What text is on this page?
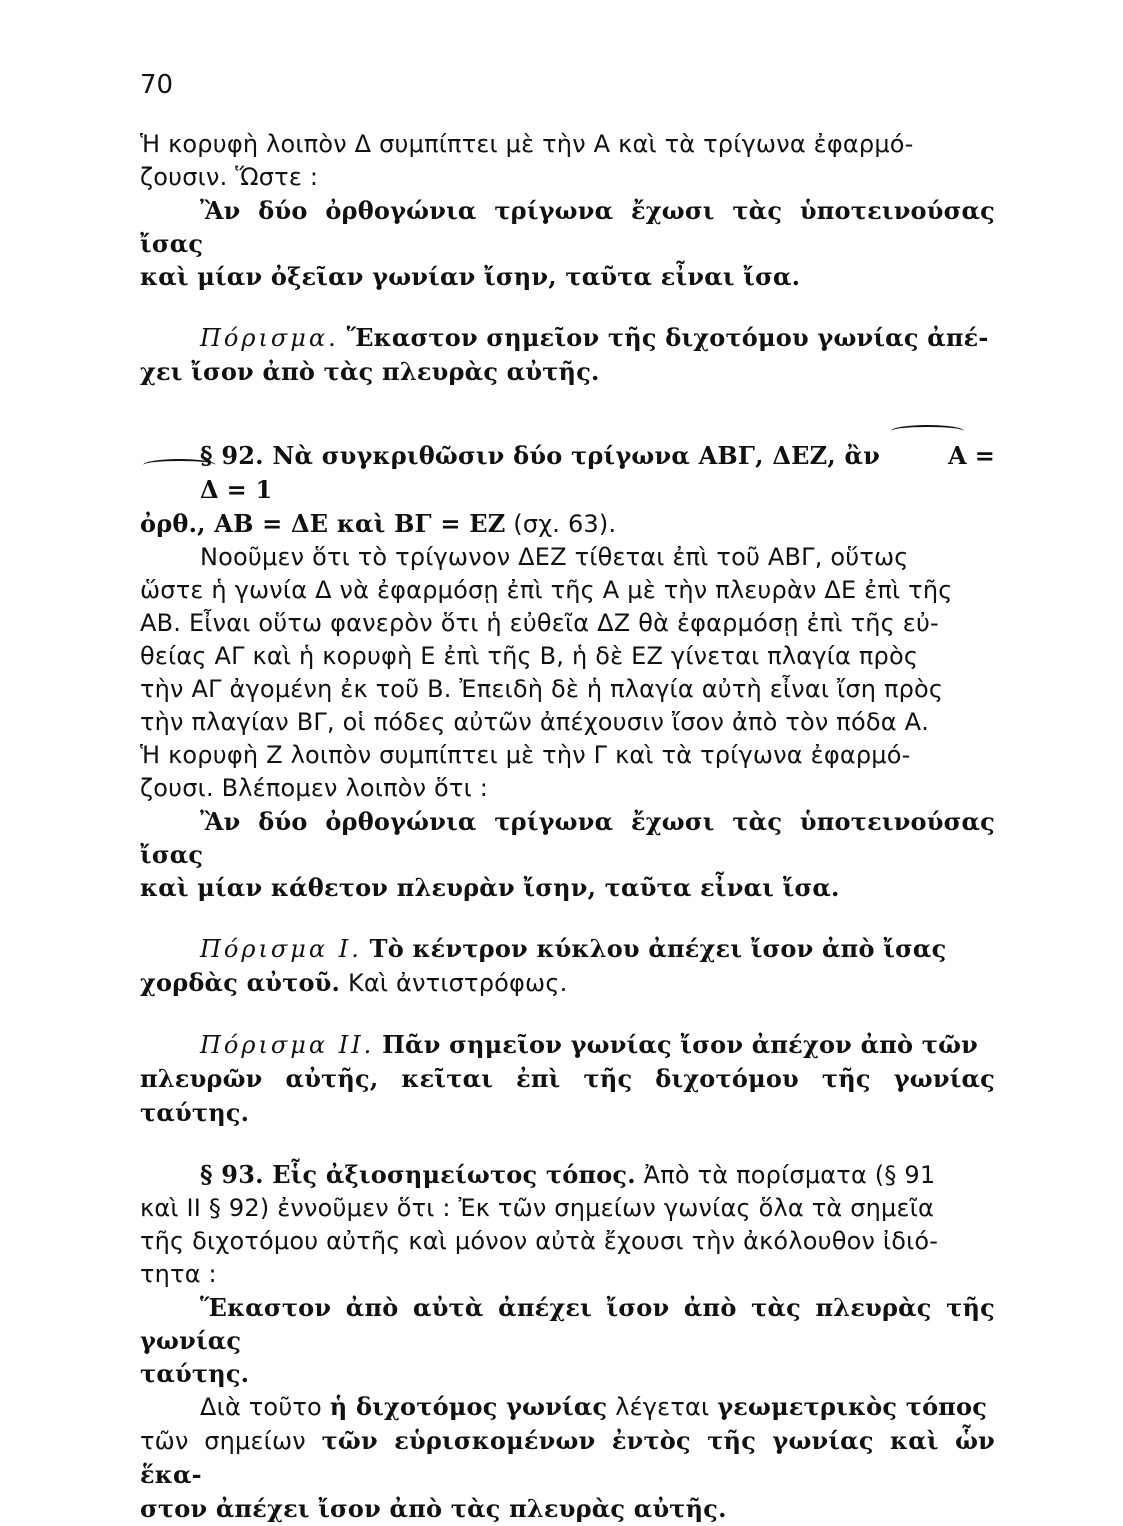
70

Ἡ κορυφὴ λοιπὸν Δ συμπίπτει μὲ τὴν Α καὶ τὰ τρίγωνα ἐφαρμό-
ζουσιν. Ὥστε :

Ἂν δύο ὀρθογώνια τρίγωνα ἔχωσι τὰς ὑποτεινούσας ἴσας
καὶ μίαν ὀξεῖαν γωνίαν ἴσην, ταῦτα εἶναι ἴσα.

Πόρισμα. Ἕκαστον σημεῖον τῆς διχοτόμου γωνίας ἀπέ-
χει ἴσον ἀπὸ τὰς πλευρὰς αὐτῆς.

§ 92. Νὰ συγκριθῶσιν δύο τρίγωνα ΑΒΓ, ΔΕΖ, ἂν	Α = Δ = 1
ὀρθ., ΑΒ = ΔΕ καὶ ΒΓ = ΕΖ (σχ. 63).

Νοοῦμεν ὅτι τὸ τρίγωνον ΔΕΖ τίθεται ἐπὶ τοῦ ΑΒΓ, οὕτως
ὥστε ἡ γωνία Δ νὰ ἐφαρμόσῃ ἐπὶ τῆς Α μὲ τὴν πλευρὰν ΔΕ ἐπὶ τῆς
ΑΒ. Εἶναι οὕτω φανερὸν ὅτι ἡ εὐθεῖα ΔΖ θὰ ἐφαρμόσῃ ἐπὶ τῆς εὐ-
θείας ΑΓ καὶ ἡ κορυφὴ Ε ἐπὶ τῆς Β, ἡ δὲ ΕΖ γίνεται πλαγία πρὸς
τὴν ΑΓ ἀγομένη ἐκ τοῦ Β. Ἐπειδὴ δὲ ἡ πλαγία αὐτὴ εἶναι ἴση πρὸς
τὴν πλαγίαν ΒΓ, οἱ πόδες αὐτῶν ἀπέχουσιν ἴσον ἀπὸ τὸν πόδα Α.
Ἡ κορυφὴ Ζ λοιπὸν συμπίπτει μὲ τὴν Γ καὶ τὰ τρίγωνα ἐφαρμό-
ζουσι. Βλέπομεν λοιπὸν ὅτι :

Ἂν δύο ὀρθογώνια τρίγωνα ἔχωσι τὰς ὑποτεινούσας ἴσας
καὶ μίαν κάθετον πλευρὰν ἴσην, ταῦτα εἶναι ἴσα.

Πόρισμα I. Τὸ κέντρον κύκλου ἀπέχει ἴσον ἀπὸ ἴσας
χορδὰς αὐτοῦ. Καὶ ἀντιστρόφως.

Πόρισμα II. Πᾶν σημεῖον γωνίας ἴσον ἀπέχον ἀπὸ τῶν
πλευρῶν αὐτῆς, κεῖται ἐπὶ τῆς διχοτόμου τῆς γωνίας ταύτης.

§ 93. Εἷς ἀξιοσημείωτος τόπος. Ἀπὸ τὰ πορίσματα (§ 91
καὶ II § 92) ἐννοῦμεν ὅτι : Ἐκ τῶν σημείων γωνίας ὅλα τὰ σημεῖα
τῆς διχοτόμου αὐτῆς καὶ μόνον αὐτὰ ἔχουσι τὴν ἀκόλουθον ἰδιό-
τητα :

Ἕκαστον ἀπὸ αὐτὰ ἀπέχει ἴσον ἀπὸ τὰς πλευρὰς τῆς γωνίας
ταύτης.

Διὰ τοῦτο ἡ διχοτόμος γωνίας λέγεται γεωμετρικὸς τόπος
τῶν σημείων τῶν εὑρισκομένων ἐντὸς τῆς γωνίας καὶ ὧν ἕκα-
στον ἀπέχει ἴσον ἀπὸ τὰς πλευρὰς αὐτῆς.
